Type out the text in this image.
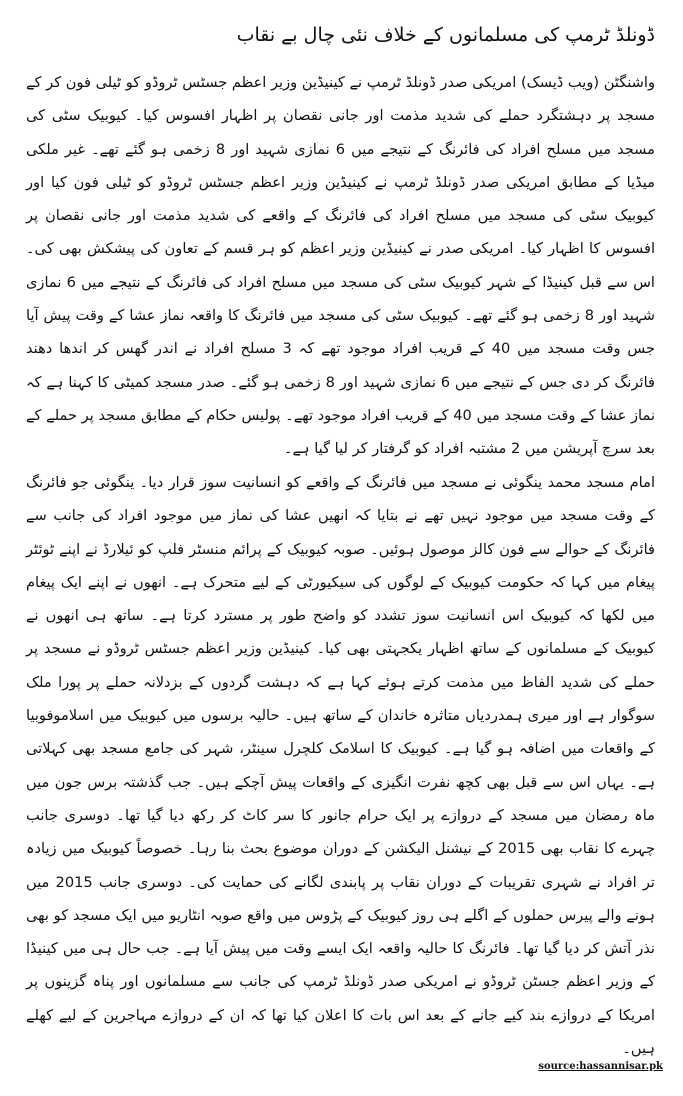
ڈونلڈ ٹرمپ کی مسلمانوں کے خلاف نئی چال بے نقاب

واشنگٹن (ویب ڈیسک) امریکی صدر ڈونلڈ ٹرمپ نے کینیڈین وزیر اعظم جسٹس ٹروڈو کو ٹیلی فون کر کے مسجد پر دہشتگرد حملے کی شدید مذمت اور جانی نقصان پر اظہار افسوس کیا۔ کیوبیک سٹی کی مسجد میں مسلح افراد کی فائرنگ کے نتیجے میں 6 نمازی شہید اور 8 زخمی ہو گئے تھے۔ غیر ملکی میڈیا کے مطابق امریکی صدر ڈونلڈ ٹرمپ نے کینیڈین وزیر اعظم جسٹس ٹروڈو کو ٹیلی فون کیا اور کیوبیک سٹی کی مسجد میں مسلح افراد کی فائرنگ کے واقعے کی شدید مذمت اور جانی نقصان پر افسوس کا اظہار کیا۔ امریکی صدر نے کینیڈین وزیر اعظم کو ہر قسم کے تعاون کی پیشکش بھی کی۔ اس سے قبل کینیڈا کے شہر کیوبیک سٹی کی مسجد میں مسلح افراد کی فائرنگ کے نتیجے میں 6 نمازی شہید اور 8 زخمی ہو گئے تھے۔ کیوبیک سٹی کی مسجد میں فائرنگ کا واقعہ نماز عشا کے وقت پیش آیا جس وقت مسجد میں 40 کے قریب افراد موجود تھے کہ 3 مسلح افراد نے اندر گھس کر اندھا دھند فائرنگ کر دی جس کے نتیجے میں 6 نمازی شہید اور 8 زخمی ہو گئے۔ صدر مسجد کمیٹی کا کہنا ہے کہ نماز عشا کے وقت مسجد میں 40 کے قریب افراد موجود تھے۔ پولیس حکام کے مطابق مسجد پر حملے کے بعد سرچ آپریشن میں 2 مشتبہ افراد کو گرفتار کر لیا گیا ہے۔

امام مسجد محمد ینگوئی نے مسجد میں فائرنگ کے واقعے کو انسانیت سوز قرار دیا۔ ینگوئی جو فائرنگ کے وقت مسجد میں موجود نہیں تھے نے بتایا کہ انھیں عشا کی نماز میں موجود افراد کی جانب سے فائرنگ کے حوالے سے فون کالز موصول ہوئیں۔ صوبہ کیوبیک کے پرائم منسٹر فلپ کو ئیلارڈ نے اپنے ٹوئٹر پیغام میں کہا کہ حکومت کیوبیک کے لوگوں کی سیکیورٹی کے لیے متحرک ہے۔ انھوں نے اپنے ایک پیغام میں لکھا کہ کیوبیک اس انسانیت سوز تشدد کو واضح طور پر مسترد کرتا ہے۔ ساتھ ہی انھوں نے کیوبیک کے مسلمانوں کے ساتھ اظہار یکجہتی بھی کیا۔ کینیڈین وزیر اعظم جسٹس ٹروڈو نے مسجد پر حملے کی شدید الفاظ میں مذمت کرتے ہوئے کہا ہے کہ دہشت گردوں کے بزدلانہ حملے پر پورا ملک سوگوار ہے اور میری ہمدردیاں متاثرہ خاندان کے ساتھ ہیں۔ حالیہ برسوں میں کیوبیک میں اسلاموفوبیا کے واقعات میں اضافہ ہو گیا ہے۔ کیوبیک کا اسلامک کلچرل سینٹر، شہر کی جامع مسجد بھی کہلاتی ہے۔ یہاں اس سے قبل بھی کچھ نفرت انگیزی کے واقعات پیش آچکے ہیں۔ جب گذشتہ برس جون میں ماہ رمضان میں مسجد کے دروازے پر ایک حرام جانور کا سر کاٹ کر رکھ دیا گیا تھا۔ دوسری جانب چہرے کا نقاب بھی 2015 کے نیشنل الیکشن کے دوران موضوع بحث بنا رہا۔ خصوصاً کیوبیک میں زیادہ تر افراد نے شہری تقریبات کے دوران نقاب پر پابندی لگانے کی حمایت کی۔ دوسری جانب 2015 میں ہونے والے پیرس حملوں کے اگلے ہی روز کیوبیک کے پڑوس میں واقع صوبہ انٹاریو میں ایک مسجد کو بھی نذر آتش کر دیا گیا تھا۔ فائرنگ کا حالیہ واقعہ ایک ایسے وقت میں پیش آیا ہے۔ جب حال ہی میں کینیڈا کے وزیر اعظم جسٹن ٹروڈو نے امریکی صدر ڈونلڈ ٹرمپ کی جانب سے مسلمانوں اور پناہ گزینوں پر امریکا کے دروازے بند کیے جانے کے بعد اس بات کا اعلان کیا تھا کہ ان کے دروازے مہاجرین کے لیے کھلے ہیں۔

source:hassannisar.pk
